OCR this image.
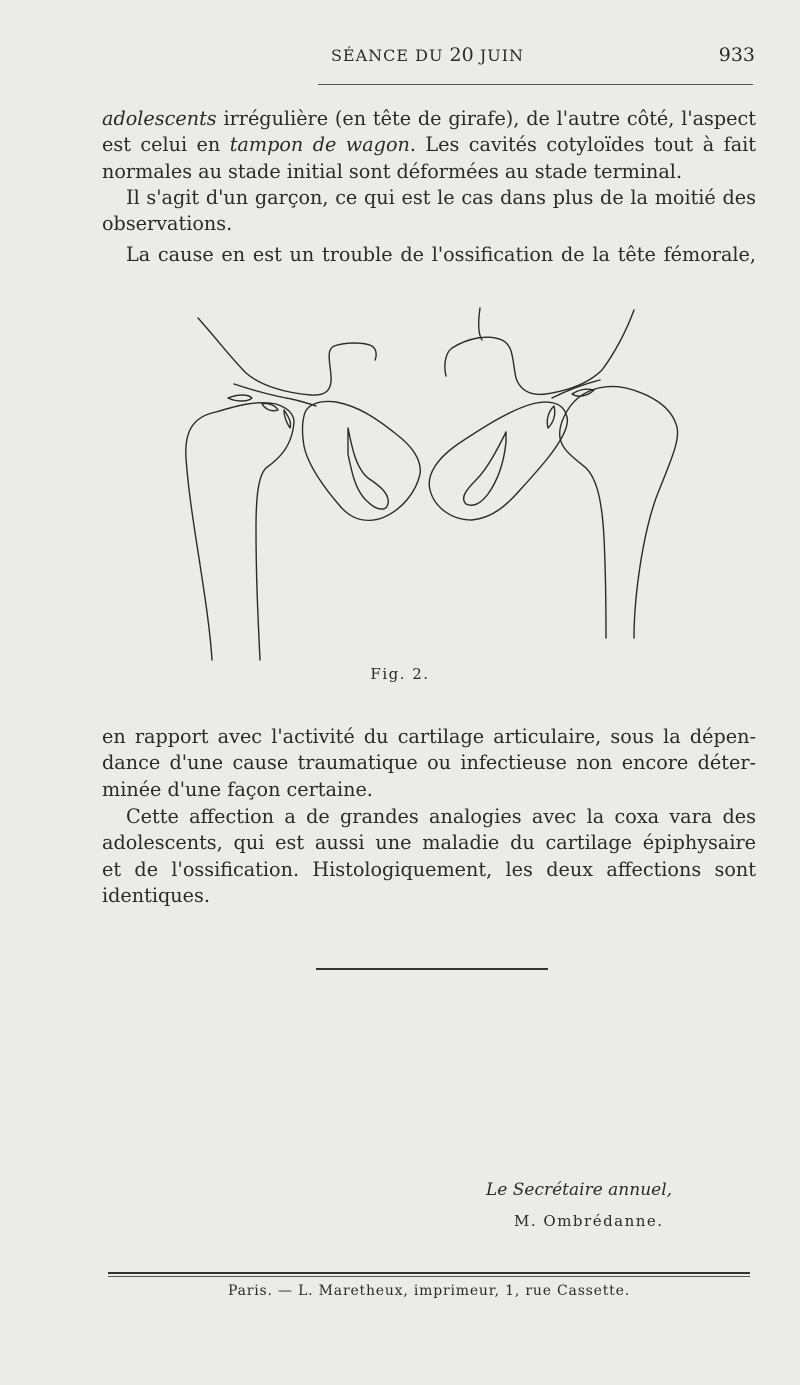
SÉANCE DU 20 JUIN	933
adolescents irrégulière (en tête de girafe), de l'autre côté, l'aspect
est celui en tampon de wagon. Les cavités cotyloïdes tout à fait
normales au stade initial sont déformées au stade terminal.
Il s'agit d'un garçon, ce qui est le cas dans plus de la moitié des
observations.
La cause en est un trouble de l'ossification de la tête fémorale,
Fig. 2.
en rapport avec l'activité du cartilage articulaire, sous la dépen-
dance d'une cause traumatique ou infectieuse non encore déter-
minée d'une façon certaine.
Cette affection a de grandes analogies avec la coxa vara des
adolescents, qui est aussi une maladie du cartilage épiphysaire
et de l'ossification. Histologiquement, les deux affections sont
identiques.
Le Secrétaire annuel,
M. Ombrédanne.
Paris. — L. Maretheux, imprimeur, 1, rue Cassette.
